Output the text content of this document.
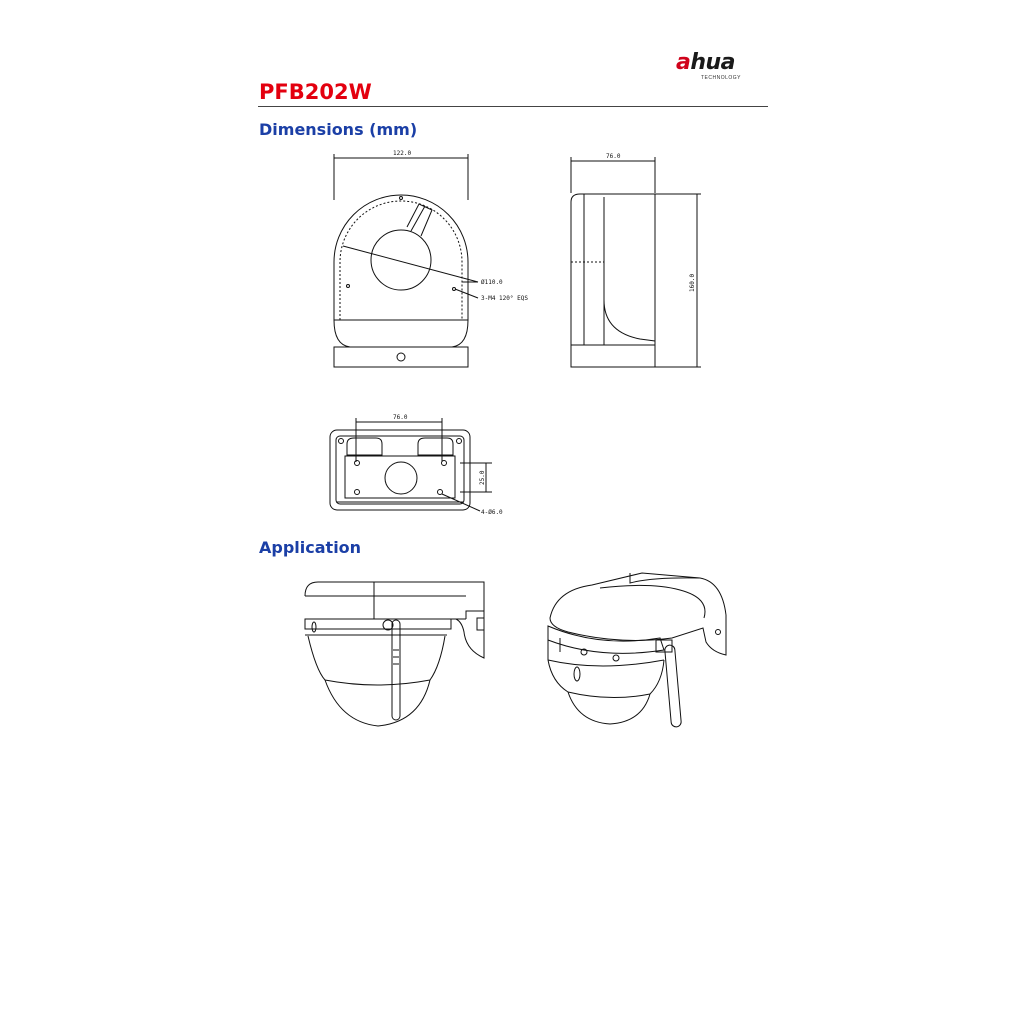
ahua
TECHNOLOGY
PFB202W
Dimensions (mm)
Application
122.0
Ø110.0
3-M4 120° EQS
76.0
160.0
76.0
25.0
4-Ø6.0
